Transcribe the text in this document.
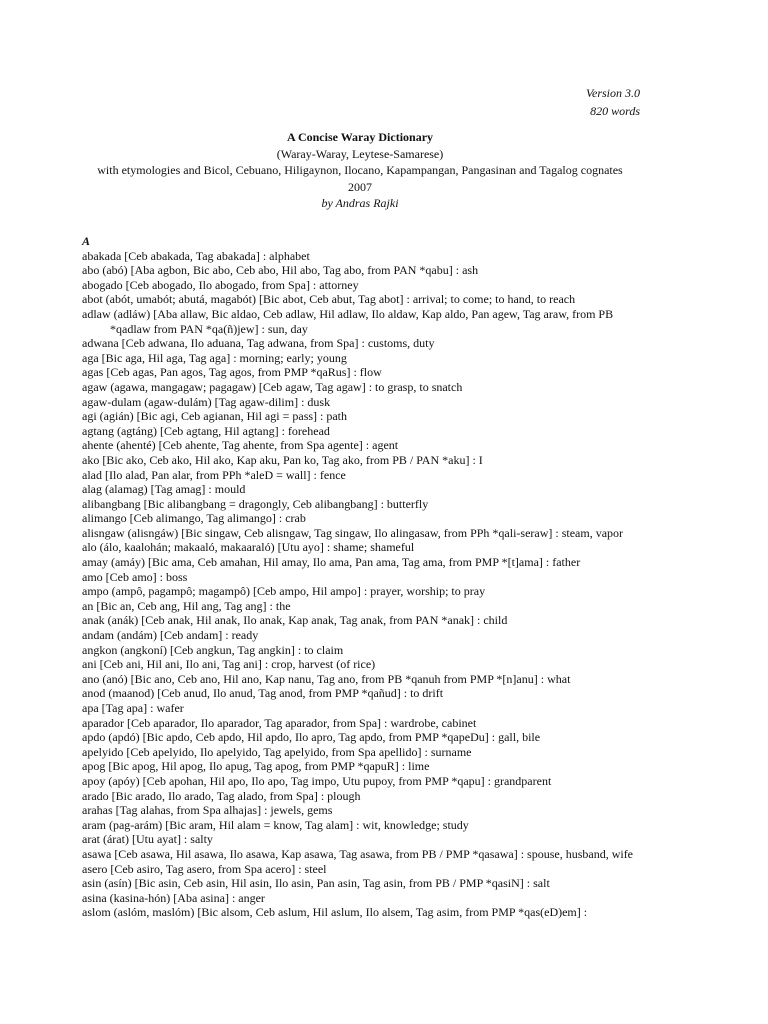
Version 3.0
820 words
A Concise Waray Dictionary
(Waray-Waray, Leytese-Samarese)
with etymologies and Bicol, Cebuano, Hiligaynon, Ilocano, Kapampangan, Pangasinan and Tagalog cognates
2007
by Andras Rajki

A

abakada [Ceb abakada, Tag abakada] : alphabet

abo (abó) [Aba agbon, Bic abo, Ceb abo, Hil abo, Tag abo, from PAN *qabu] : ash

abogado [Ceb abogado, Ilo abogado, from Spa] : attorney

abot (abót, umabót; abutá, magabót) [Bic abot, Ceb abut, Tag abot] : arrival; to come; to hand, to reach

adlaw (adláw) [Aba allaw, Bic aldao, Ceb adlaw, Hil adlaw, Ilo aldaw, Kap aldo, Pan agew, Tag araw, from PB *qadlaw from PAN *qa(ñ)jew] : sun, day

adwana [Ceb adwana, Ilo aduana, Tag adwana, from Spa] : customs, duty

aga [Bic aga, Hil aga, Tag aga] : morning; early; young

agas [Ceb agas, Pan agos, Tag agos, from PMP *qaRus] : flow

agaw (agawa, mangagaw; pagagaw) [Ceb agaw, Tag agaw] : to grasp, to snatch

agaw-dulam (agaw-dulám) [Tag agaw-dilim] : dusk

agi (agián) [Bic agi, Ceb agianan, Hil agi = pass] : path

agtang (agtáng) [Ceb agtang, Hil agtang] : forehead

ahente (ahenté) [Ceb ahente, Tag ahente, from Spa agente] : agent

ako [Bic ako, Ceb ako, Hil ako, Kap aku, Pan ko, Tag ako, from PB / PAN *aku] : I

alad [Ilo alad, Pan alar, from PPh *aleD = wall] : fence

alag (alamag) [Tag amag] : mould

alibangbang [Bic alibangbang = dragongly, Ceb alibangbang] : butterfly

alimango [Ceb alimango, Tag alimango] : crab

alisngaw (alisngáw) [Bic singaw, Ceb alisngaw, Tag singaw, Ilo alingasaw, from PPh *qali-seraw] : steam, vapor

alo (álo, kaalohán; makaaló, makaaraló) [Utu ayo] : shame; shameful

amay (amáy) [Bic ama, Ceb amahan, Hil amay, Ilo ama, Pan ama, Tag ama, from PMP *[t]ama] : father

amo [Ceb amo] : boss

ampo (ampô, pagampô; magampô) [Ceb ampo, Hil ampo] : prayer, worship; to pray

an [Bic an, Ceb ang, Hil ang, Tag ang] : the

anak (anák) [Ceb anak, Hil anak, Ilo anak, Kap anak, Tag anak, from PAN *anak] : child

andam (andám) [Ceb andam] : ready

angkon (angkoní) [Ceb angkun, Tag angkin] : to claim

ani [Ceb ani, Hil ani, Ilo ani, Tag ani] : crop, harvest (of rice)

ano (anó) [Bic ano, Ceb ano, Hil ano, Kap nanu, Tag ano, from PB *qanuh from PMP *[n]anu] : what

anod (maanod) [Ceb anud, Ilo anud, Tag anod, from PMP *qañud] : to drift

apa [Tag apa] : wafer

aparador [Ceb aparador, Ilo aparador, Tag aparador, from Spa] : wardrobe, cabinet

apdo (apdó) [Bic apdo, Ceb apdo, Hil apdo, Ilo apro, Tag apdo, from PMP *qapeDu] : gall, bile

apelyido [Ceb apelyido, Ilo apelyido, Tag apelyido, from Spa apellido] : surname

apog [Bic apog, Hil apog, Ilo apug, Tag apog, from PMP *qapuR] : lime

apoy (apóy) [Ceb apohan, Hil apo, Ilo apo, Tag impo, Utu pupoy, from PMP *qapu] : grandparent

arado [Bic arado, Ilo arado, Tag alado, from Spa] : plough

arahas [Tag alahas, from Spa alhajas] : jewels, gems

aram (pag-arám) [Bic aram, Hil alam = know, Tag alam] : wit, knowledge; study

arat (árat) [Utu ayat] : salty

asawa [Ceb asawa, Hil asawa, Ilo asawa, Kap asawa, Tag asawa, from PB / PMP *qasawa] : spouse, husband, wife

asero [Ceb asiro, Tag asero, from Spa acero] : steel

asin (asín) [Bic asin, Ceb asin, Hil asin, Ilo asin, Pan asin, Tag asin, from PB / PMP *qasiN] : salt

asina (kasina-hón) [Aba asina] : anger

aslom (aslóm, maslóm) [Bic alsom, Ceb aslum, Hil aslum, Ilo alsem, Tag asim, from PMP *qas(eD)em] :
